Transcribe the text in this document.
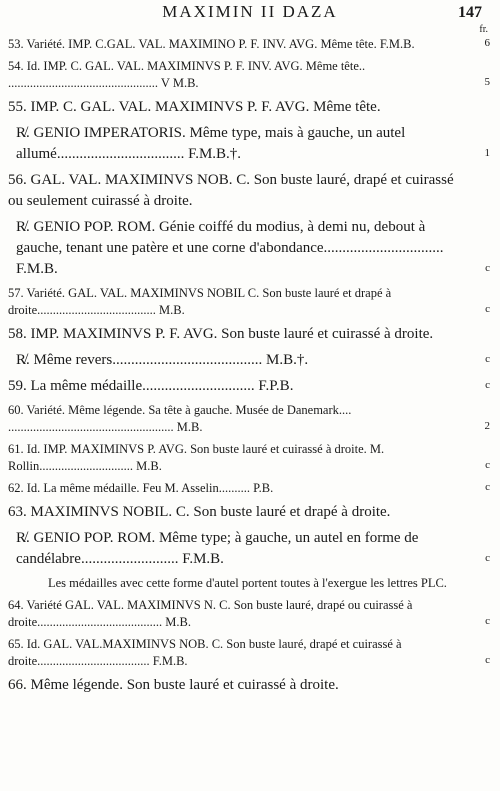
MAXIMIN II DAZA	147
fr.

53. Variété. IMP. C.GAL. VAL. MAXIMINO P. F. INV. AVG. Même tête. F.M.B.	6

54. Id. IMP. C. GAL. VAL. MAXIMINVS P. F. INV. AVG. Même tête.. ................................................ V M.B.	5

55. IMP. C. GAL. VAL. MAXIMINVS P. F. AVG. Même tête.

R̸. GENIO IMPERATORIS. Même type, mais à gauche, un autel allumé.................................. F.M.B.†.	1

56. GAL. VAL. MAXIMINVS NOB. C. Son buste lauré, drapé et cuirassé ou seulement cuirassé à droite.

R̸. GENIO POP. ROM. Génie coiffé du modius, à demi nu, debout à gauche, tenant une patère et une corne d'abondance................................ F.M.B.	c

57. Variété. GAL. VAL. MAXIMINVS NOBIL C. Son buste lauré et drapé à droite...................................... M.B.	c

58. IMP. MAXIMINVS P. F. AVG. Son buste lauré et cuirassé à droite.

R̸. Même revers........................................ M.B.†.	c

59. La même médaille.............................. F.P.B.	c

60. Variété. Même légende. Sa tête à gauche. Musée de Danemark.... ..................................................... M.B.	2

61. Id. IMP. MAXIMINVS P. AVG. Son buste lauré et cuirassé à droite. M. Rollin.............................. M.B.	c

62. Id. La même médaille. Feu M. Asselin.......... P.B.	c

63. MAXIMINVS NOBIL. C. Son buste lauré et drapé à droite.

R̸. GENIO POP. ROM. Même type; à gauche, un autel en forme de candélabre.......................... F.M.B.	c

Les médailles avec cette forme d'autel portent toutes à l'exergue les lettres PLC.

64. Variété GAL. VAL. MAXIMINVS N. C. Son buste lauré, drapé ou cuirassé à droite........................................ M.B.	c

65. Id. GAL. VAL.MAXIMINVS NOB. C. Son buste lauré, drapé et cuirassé à droite.................................... F.M.B.	c

66. Même légende. Son buste lauré et cuirassé à droite.
